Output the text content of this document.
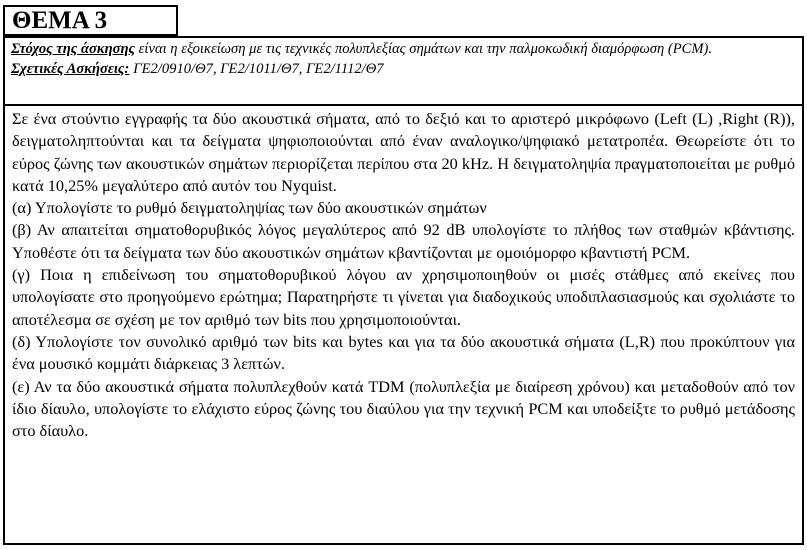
ΘΕΜΑ 3

Στόχος της άσκησης είναι η εξοικείωση με τις τεχνικές πολυπλεξίας σημάτων και την παλμοκωδική διαμόρφωση (PCM).

Σχετικές Ασκήσεις: ΓΕ2/0910/Θ7, ΓΕ2/1011/Θ7, ΓΕ2/1112/Θ7

Σε ένα στούντιο εγγραφής τα δύο ακουστικά σήματα, από το δεξιό και το αριστερό μικρόφωνο (Left (L) ,Right (R)), δειγματοληπτούνται και τα δείγματα ψηφιοποιούνται από έναν αναλογικο/ψηφιακό μετατροπέα. Θεωρείστε ότι το εύρος ζώνης των ακουστικών σημάτων περιορίζεται περίπου στα 20 kHz. Η δειγματοληψία πραγματοποιείται με ρυθμό κατά 10,25% μεγαλύτερο από αυτόν του Nyquist.

(α) Υπολογίστε το ρυθμό δειγματοληψίας των δύο ακουστικών σημάτων

(β) Αν απαιτείται σηματοθορυβικός λόγος μεγαλύτερος από 92 dB υπολογίστε το πλήθος των σταθμών κβάντισης. Υποθέστε ότι τα δείγματα των δύο ακουστικών σημάτων κβαντίζονται με ομοιόμορφο κβαντιστή PCM.

(γ) Ποια η επιδείνωση του σηματοθορυβικού λόγου αν χρησιμοποιηθούν οι μισές στάθμες από εκείνες που υπολογίσατε στο προηγούμενο ερώτημα; Παρατηρήστε τι γίνεται για διαδοχικούς υποδιπλασιασμούς και σχολιάστε το αποτέλεσμα σε σχέση με τον αριθμό των bits που χρησιμοποιούνται.

(δ) Υπολογίστε τον συνολικό αριθμό των bits και bytes και για τα δύο ακουστικά σήματα (L,R) που προκύπτουν για ένα μουσικό κομμάτι διάρκειας 3 λεπτών.

(ε) Αν τα δύο ακουστικά σήματα πολυπλεχθούν κατά TDM (πολυπλεξία με διαίρεση χρόνου) και μεταδοθούν από τον ίδιο δίαυλο, υπολογίστε το ελάχιστο εύρος ζώνης του διαύλου για την τεχνική PCM και υποδείξτε το ρυθμό μετάδοσης στο δίαυλο.
